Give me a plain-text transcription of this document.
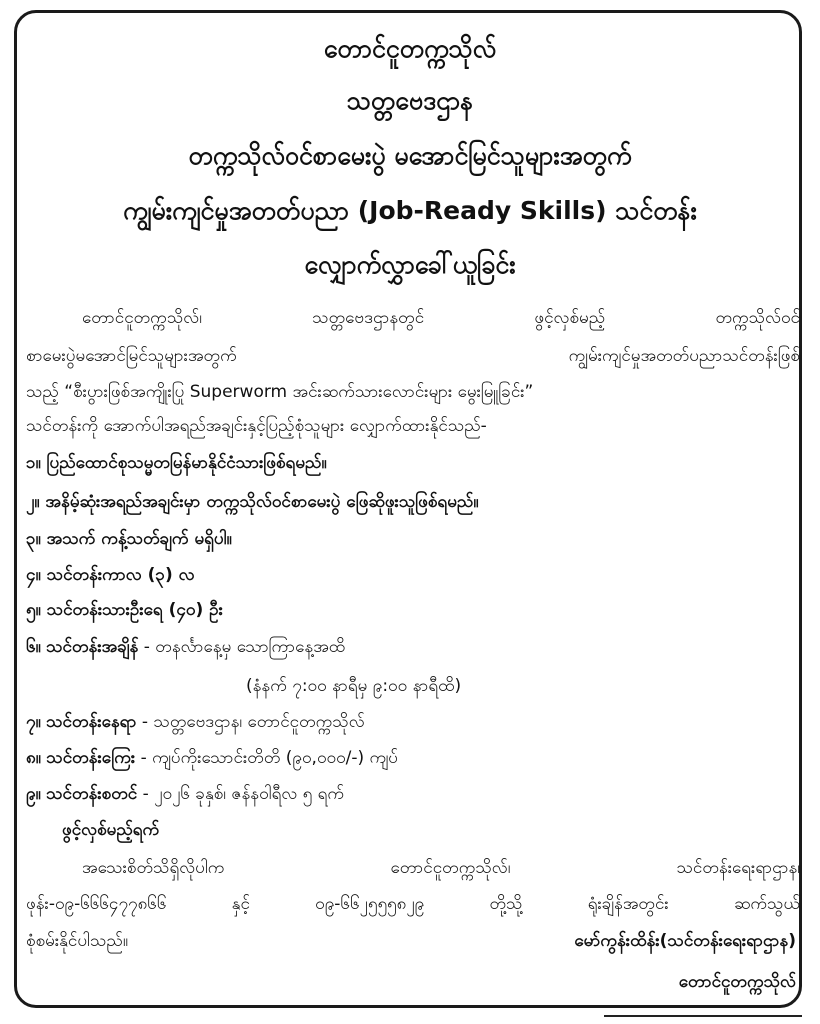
တောင်ငူတက္ကသိုလ်
သတ္တဗေဒဌာန
တက္ကသိုလ်ဝင်စာမေးပွဲ မအောင်မြင်သူများအတွက်
ကျွမ်းကျင်မှုအတတ်ပညာ (Job-Ready Skills) သင်တန်း
လျှောက်လွှာခေါ်ယူခြင်း
တောင်ငူတက္ကသိုလ်၊ သတ္တဗေဒဌာနတွင် ဖွင့်လှစ်မည့် တက္ကသိုလ်ဝင်
စာမေးပွဲမအောင်မြင်သူများအတွက် ကျွမ်းကျင်မှုအတတ်ပညာသင်တန်းဖြစ်
သည့် “စီးပွားဖြစ်အကျိုးပြု Superworm အင်းဆက်သားလောင်းများ မွေးမြူခြင်း”
သင်တန်းကို အောက်ပါအရည်အချင်းနှင့်ပြည့်စုံသူများ လျှောက်ထားနိုင်သည်-
၁။ ပြည်ထောင်စုသမ္မတမြန်မာနိုင်ငံသားဖြစ်ရမည်။
၂။ အနိမ့်ဆုံးအရည်အချင်းမှာ တက္ကသိုလ်ဝင်စာမေးပွဲ ဖြေဆိုဖူးသူဖြစ်ရမည်။
၃။ အသက် ကန့်သတ်ချက် မရှိပါ။
၄။ သင်တန်းကာလ (၃) လ
၅။ သင်တန်းသားဦးရေ (၄၀) ဦး
၆။ သင်တန်းအချိန် - တနင်္လာနေ့မှ သောကြာနေ့အထိ
(နံနက် ၇:၀၀ နာရီမှ ၉:၀၀ နာရီထိ)
၇။ သင်တန်းနေရာ - သတ္တဗေဒဌာန၊ တောင်ငူတက္ကသိုလ်
၈။ သင်တန်းကြေး - ကျပ်ကိုးသောင်းတိတိ (၉၀,၀၀၀/-) ကျပ်
၉။ သင်တန်းစတင် - ၂၀၂၆ ခုနှစ်၊ ဇန်နဝါရီလ ၅ ရက်
ဖွင့်လှစ်မည့်ရက်
အသေးစိတ်သိရှိလိုပါက တောင်ငူတက္ကသိုလ်၊ သင်တန်းရေးရာဌာန၊
ဖုန်း-၀၉-၆၆၆၄၇၇၈၆၆ နှင့် ၀၉-၆၆၂၅၅၅၈၂၉ တို့သို့ ရုံးချိန်အတွင်း ဆက်သွယ်
စုံစမ်းနိုင်ပါသည်။	မော်ကွန်းထိန်း(သင်တန်းရေးရာဌာန)
တောင်ငူတက္ကသိုလ်
